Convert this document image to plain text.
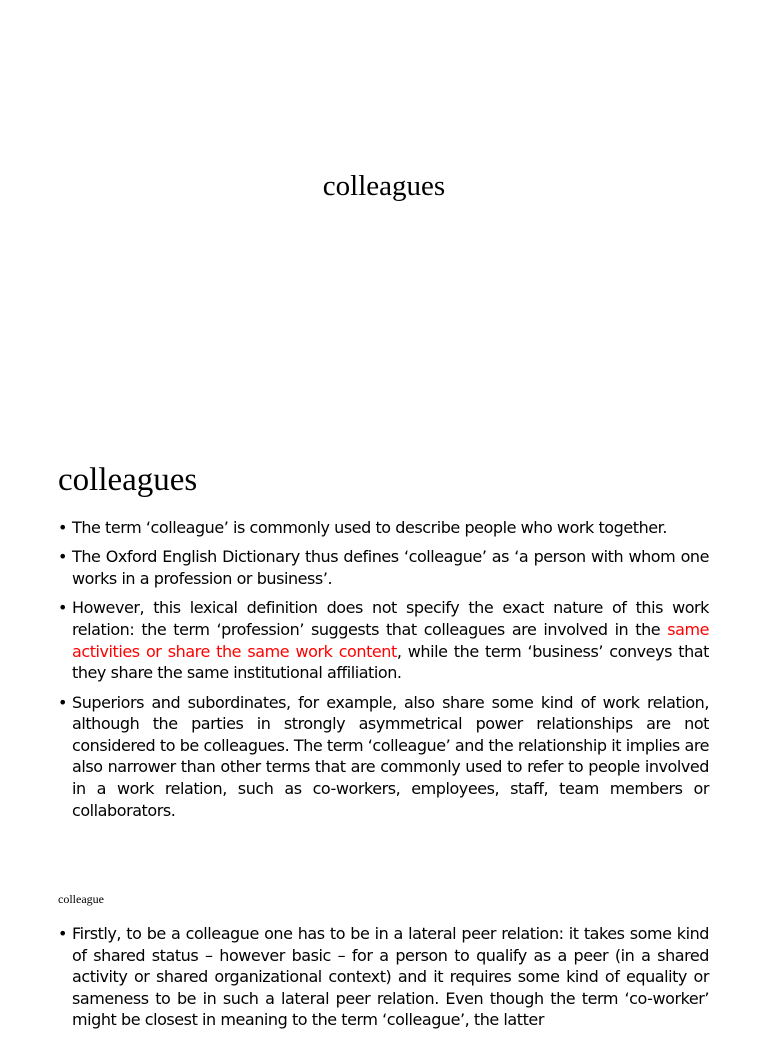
colleagues
colleagues
• The term ‘colleague’ is commonly used to describe people who work together.
• The Oxford English Dictionary thus defines ‘colleague’ as ‘a person with whom one works in a profession or business’.
• However, this lexical definition does not specify the exact nature of this work relation: the term ‘profession’ suggests that colleagues are involved in the same activities or share the same work content, while the term ‘business’ conveys that they share the same institutional affiliation.
• Superiors and subordinates, for example, also share some kind of work relation, although the parties in strongly asymmetrical power relationships are not considered to be colleagues. The term ‘colleague’ and the relationship it implies are also narrower than other terms that are commonly used to refer to people involved in a work relation, such as co-workers, employees, staff, team members or collaborators.
colleague
• Firstly, to be a colleague one has to be in a lateral peer relation: it takes some kind of shared status – however basic – for a person to qualify as a peer (in a shared activity or shared organizational context) and it requires some kind of equality or sameness to be in such a lateral peer relation. Even though the term ‘co-worker’ might be closest in meaning to the term ‘colleague’, the latter
